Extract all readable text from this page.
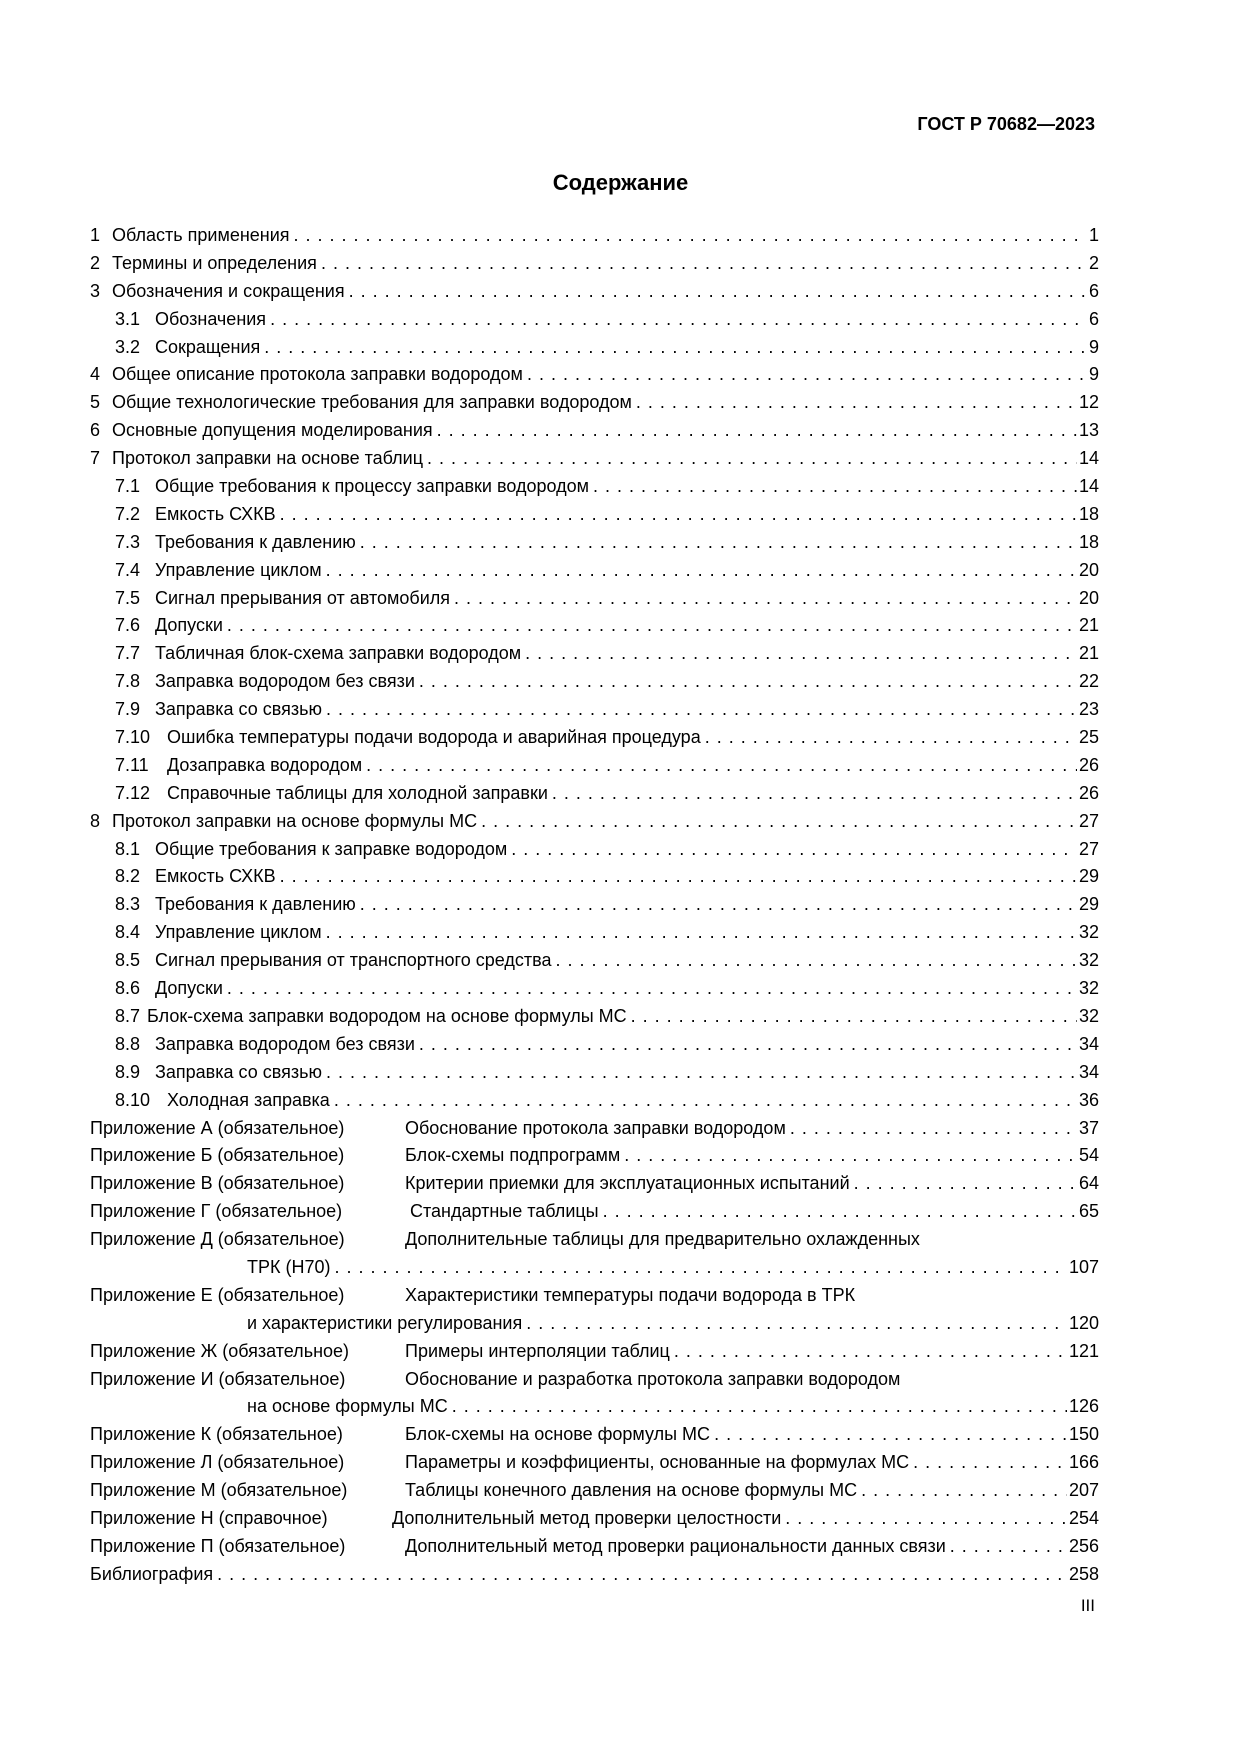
ГОСТ Р 70682—2023
Содержание
1 Область применения . . .	1
2 Термины и определения . . .	2
3 Обозначения и сокращения . . .	6
3.1 Обозначения . . .	6
3.2 Сокращения . . .	9
4 Общее описание протокола заправки водородом . . .	9
5 Общие технологические требования для заправки водородом . . .	12
6 Основные допущения моделирования . . .	13
7 Протокол заправки на основе таблиц . . .	14
7.1 Общие требования к процессу заправки водородом . . .	14
7.2 Емкость СХКВ . . .	18
7.3 Требования к давлению . . .	18
7.4 Управление циклом . . .	20
7.5 Сигнал прерывания от автомобиля . . .	20
7.6 Допуски . . .	21
7.7 Табличная блок-схема заправки водородом . . .	21
7.8 Заправка водородом без связи . . .	22
7.9 Заправка со связью . . .	23
7.10 Ошибка температуры подачи водорода и аварийная процедура . . .	25
7.11	Дозаправка водородом . . .	26
7.12 Справочные таблицы для холодной заправки . . .	26
8 Протокол заправки на основе формулы МС . . .	27
8.1 Общие требования к заправке водородом . . .	27
8.2 Емкость СХКВ . . .	29
8.3 Требования к давлению . . .	29
8.4 Управление циклом . . .	32
8.5 Сигнал прерывания от транспортного средства . . .	32
8.6 Допуски . . .	32
8.7 Блок-схема заправки водородом на основе формулы МС . . .	32
8.8 Заправка водородом без связи . . .	34
8.9 Заправка со связью . . .	34
8.10 Холодная заправка . . .	36
Приложение А (обязательное)	Обоснование протокола заправки водородом . . .	37
Приложение Б (обязательное)	Блок-схемы подпрограмм . . .	54
Приложение В (обязательное)	Критерии приемки для эксплуатационных испытаний . . .	64
Приложение Г (обязательное)	Стандартные таблицы . . .	65
Приложение Д (обязательное)	Дополнительные таблицы для предварительно охлажденных
ТРК (Н70) . . .	107
Приложение Е (обязательное)	Характеристики температуры подачи водорода в ТРК
и характеристики регулирования . . .	120
Приложение Ж (обязательное)	Примеры интерполяции таблиц . . .	121
Приложение И (обязательное)	Обоснование и разработка протокола заправки водородом
на основе формулы МС . . .	126
Приложение К (обязательное)	Блок-схемы на основе формулы МС . . .	150
Приложение Л (обязательное)	Параметры и коэффициенты, основанные на формулах МС . . .	166
Приложение М (обязательное)	Таблицы конечного давления на основе формулы МС . . .	207
Приложение Н (справочное)	Дополнительный метод проверки целостности . . .	254
Приложение П (обязательное)	Дополнительный метод проверки рациональности данных связи . . .	256
Библиография . . .	258
III
